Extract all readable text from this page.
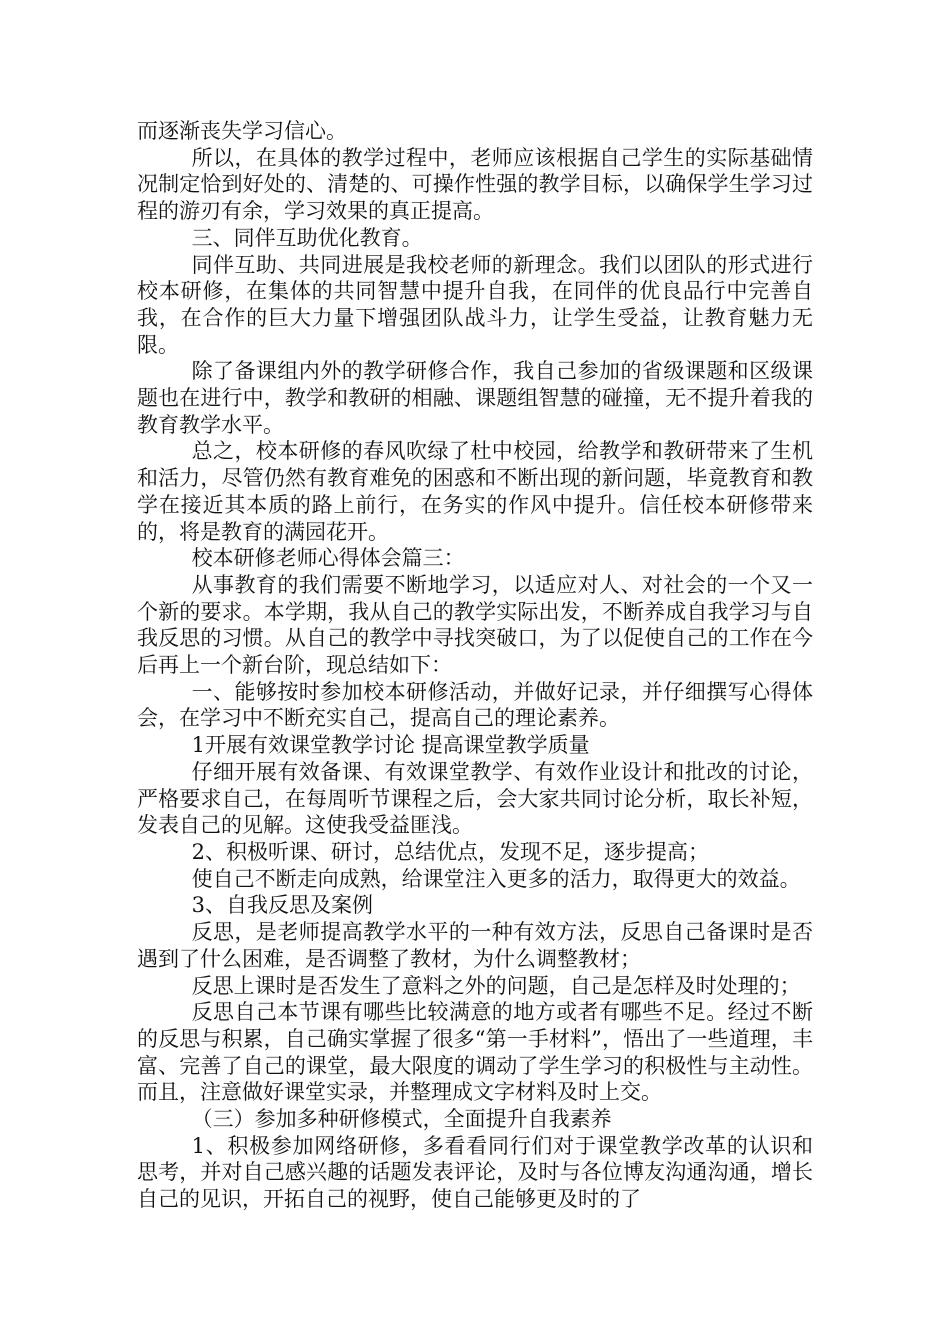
而逐渐丧失学习信心。

所以，在具体的教学过程中，老师应该根据自己学生的实际基础情况制定恰到好处的、清楚的、可操作性强的教学目标，以确保学生学习过程的游刃有余，学习效果的真正提高。

三、同伴互助优化教育。

同伴互助、共同进展是我校老师的新理念。我们以团队的形式进行校本研修，在集体的共同智慧中提升自我，在同伴的优良品行中完善自我，在合作的巨大力量下增强团队战斗力，让学生受益，让教育魅力无限。

除了备课组内外的教学研修合作，我自己参加的省级课题和区级课题也在进行中，教学和教研的相融、课题组智慧的碰撞，无不提升着我的教育教学水平。

总之，校本研修的春风吹绿了杜中校园，给教学和教研带来了生机和活力，尽管仍然有教育难免的困惑和不断出现的新问题，毕竟教育和教学在接近其本质的路上前行，在务实的作风中提升。信任校本研修带来的，将是教育的满园花开。

校本研修老师心得体会篇三：

从事教育的我们需要不断地学习，以适应对人、对社会的一个又一个新的要求。本学期，我从自己的教学实际出发，不断养成自我学习与自我反思的习惯。从自己的教学中寻找突破口，为了以促使自己的工作在今后再上一个新台阶，现总结如下：

一、能够按时参加校本研修活动，并做好记录，并仔细撰写心得体会，在学习中不断充实自己，提高自己的理论素养。

1开展有效课堂教学讨论 提高课堂教学质量

仔细开展有效备课、有效课堂教学、有效作业设计和批改的讨论，严格要求自己，在每周听节课程之后，会大家共同讨论分析，取长补短，发表自己的见解。这使我受益匪浅。

2、积极听课、研讨，总结优点，发现不足，逐步提高；

使自己不断走向成熟，给课堂注入更多的活力，取得更大的效益。

3、自我反思及案例

反思，是老师提高教学水平的一种有效方法，反思自己备课时是否遇到了什么困难，是否调整了教材，为什么调整教材；

反思上课时是否发生了意料之外的问题，自己是怎样及时处理的；

反思自己本节课有哪些比较满意的地方或者有哪些不足。经过不断的反思与积累，自己确实掌握了很多“第一手材料”，悟出了一些道理，丰富、完善了自己的课堂，最大限度的调动了学生学习的积极性与主动性。而且，注意做好课堂实录，并整理成文字材料及时上交。

（三）参加多种研修模式，全面提升自我素养

1、积极参加网络研修，多看看同行们对于课堂教学改革的认识和思考，并对自己感兴趣的话题发表评论，及时与各位博友沟通沟通，增长自己的见识，开拓自己的视野，使自己能够更及时的了
